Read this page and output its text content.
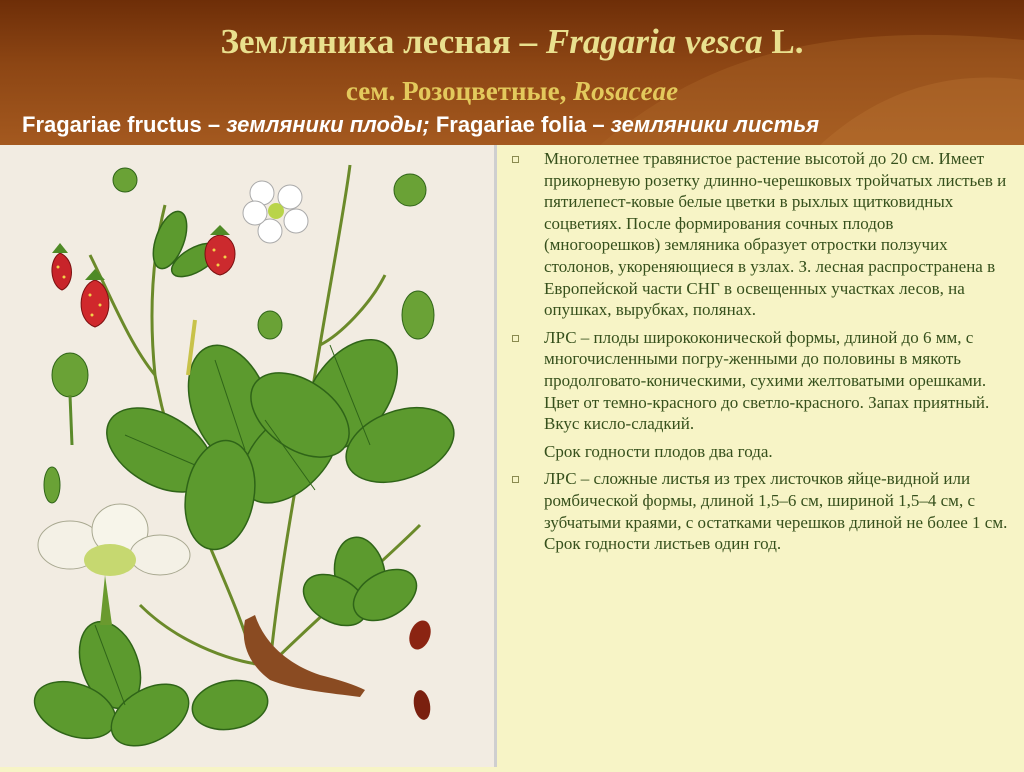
Земляника лесная – Fragaria vesca L.

сем. Розоцветные, Rosaceae

Fragariae fructus – земляники плоды; Fragariae folia – земляники листья

Многолетнее травянистое растение высотой до 20 см. Имеет прикорневую розетку длинно-черешковых тройчатых листьев и пятилепест-ковые белые цветки в рыхлых щитковидных соцветиях. После формирования сочных плодов (многоорешков) земляника образует отростки ползучих столонов, укореняющиеся в узлах. З. лесная распространена в Европейской части СНГ в освещенных участках лесов, на опушках, вырубках, полянах.

ЛРС – плоды ширококонической формы, длиной до 6 мм, с многочисленными погру-женными до половины в мякоть продолговато-коническими, сухими желтоватыми орешками. Цвет от темно-красного до светло-красного. Запах приятный. Вкус кисло-сладкий.

Срок годности плодов два года.

ЛРС – сложные листья из трех листочков яйце-видной или ромбической формы, длиной 1,5–6 см, шириной 1,5–4 см, с зубчатыми краями, с остатками черешков длиной не более 1 см. Срок годности листьев один год.
